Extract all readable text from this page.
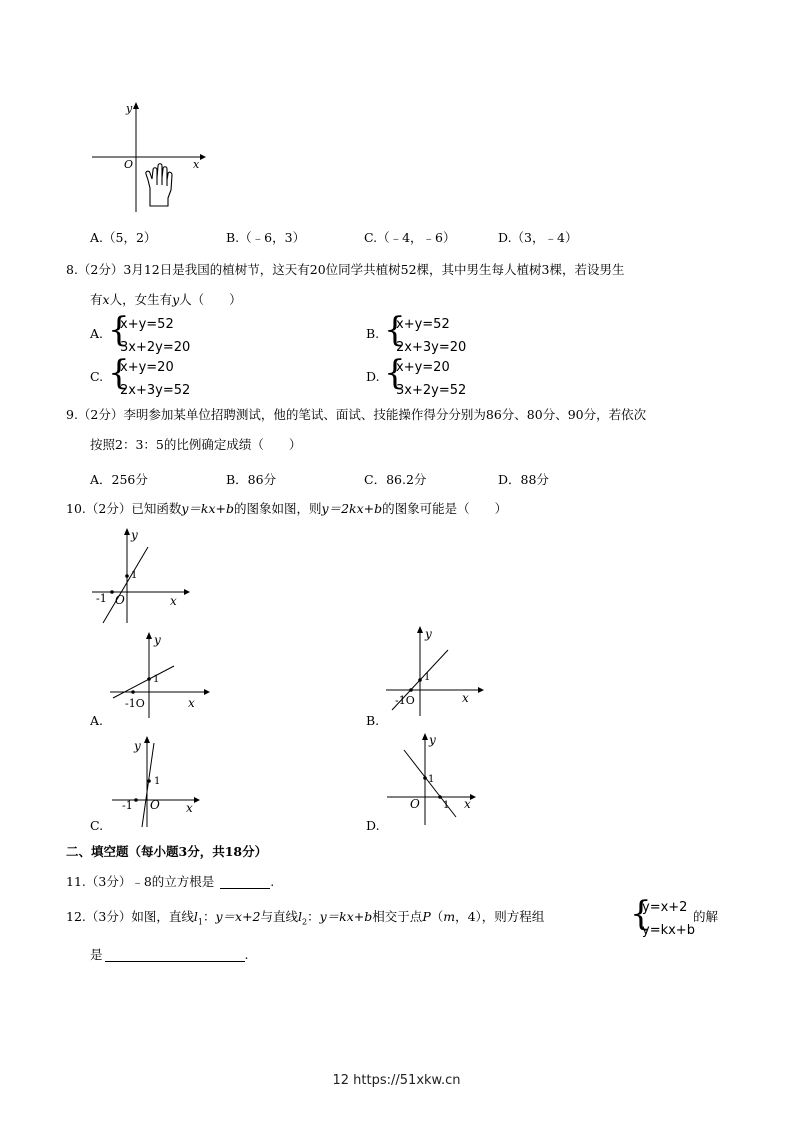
y
x
O
A.（5，2）	B.（﹣6，3）	C.（﹣4，﹣6）	D.（3，﹣4）
8.（2分）3月12日是我国的植树节，这天有20位同学共植树52棵，其中男生每人植树3棵，若设男生
有x人，女生有y人（　　）
A. {
x+y=52
3x+2y=20
B. {
x+y=52
2x+3y=20
C. {
x+y=20
2x+3y=52
D. {
x+y=20
3x+2y=52
9.（2分）李明参加某单位招聘测试，他的笔试、面试、技能操作得分分别为86分、80分、90分，若依次
按照2：3：5的比例确定成绩（　　）
A．256分	B．86分	C．86.2分	D．88分
10.（2分）已知函数y＝kx+b的图象如图，则y＝2kx+b的图象可能是（　　）
y
x
1
-1 O
y
x
1
-1O
A.
y
x
1
-1O
B.
y
x
1
-1 O
C.
y
x
1
1
O
D.
二、填空题（每小题3分，共18分）
11.（3分）﹣8的立方根是	.
12.（3分）如图，直线$l_1$：y＝x+2与直线$l_2$：y＝kx+b相交于点P（m，4），则方程组	{
y=x+2
y=kx+b
的解
是	.
12 https://51xkw.cn
